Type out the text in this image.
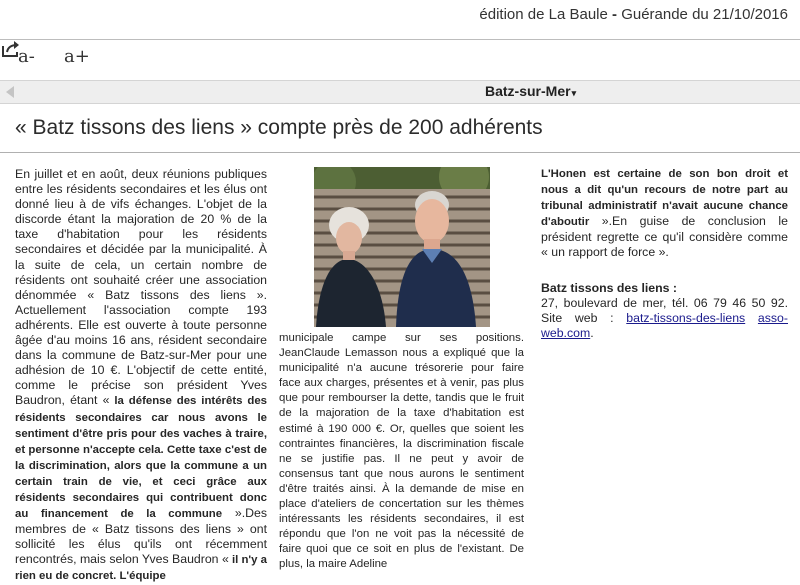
édition de La Baule - Guérande du 21/10/2016
a- a+
Batz-sur-Mer▾
« Batz tissons des liens » compte près de 200 adhérents

En juillet et en août, deux réunions publiques entre les résidents secondaires et les élus ont donné lieu à de vifs échanges. L'objet de la discorde étant la majoration de 20 % de la taxe d'habitation pour les résidents secondaires et décidée par la municipalité. À la suite de cela, un certain nombre de résidents ont souhaité créer une association dénommée « Batz tissons des liens ». Actuellement l'association compte 193 adhérents. Elle est ouverte à toute personne âgée d'au moins 16 ans, résident secondaire dans la commune de Batz-sur-Mer pour une adhésion de 10 €. L'objectif de cette entité, comme le précise son président Yves Baudron, étant « la défense des intérêts des résidents secondaires car nous avons le sentiment d'être pris pour des vaches à traire, et personne n'accepte cela. Cette taxe c'est de la discrimination, alors que la commune a un certain train de vie, et ceci grâce aux résidents secondaires qui contribuent donc au financement de la commune ».Des membres de « Batz tissons des liens » ont sollicité les élus qu'ils ont récemment rencontrés, mais selon Yves Baudron « il n'y a rien eu de concret. L'équipe

municipale campe sur ses positions. JeanClaude Lemasson nous a expliqué que la municipalité n'a aucune trésorerie pour faire face aux charges, présentes et à venir, pas plus que pour rembourser la dette, tandis que le fruit de la majoration de la taxe d'habitation est estimé à 190 000 €. Or, quelles que soient les contraintes financières, la discrimination fiscale ne se justifie pas. Il ne peut y avoir de consensus tant que nous aurons le sentiment d'être traités ainsi. À la demande de mise en place d'ateliers de concertation sur les thèmes intéressants les résidents secondaires, il est répondu que l'on ne voit pas la nécessité de faire quoi que ce soit en plus de l'existant. De plus, la maire Adeline

L'Honen est certaine de son bon droit et nous a dit qu'un recours de notre part au tribunal administratif n'avait aucune chance d'aboutir ».En guise de conclusion le président regrette ce qu'il considère comme « un rapport de force ».

Batz tissons des liens :

27, boulevard de mer, tél. 06 79 46 50 92. Site web : batz-tissons-des-liens asso-web.com.
